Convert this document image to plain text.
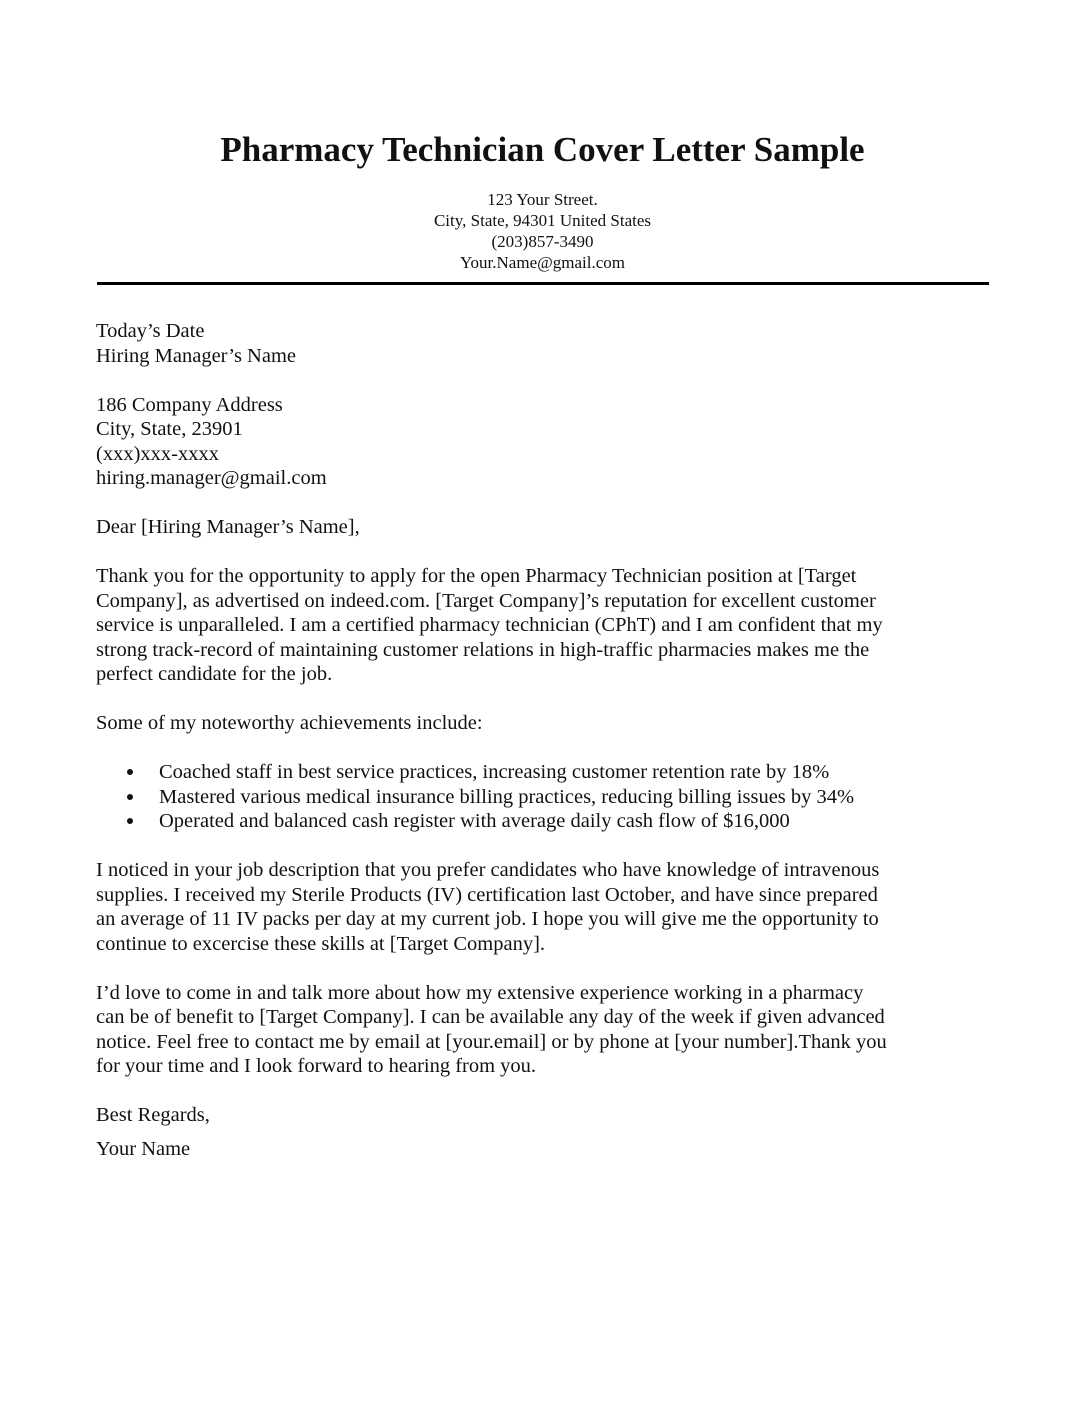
Pharmacy Technician Cover Letter Sample
123 Your Street.
City, State, 94301 United States
(203)857-3490
Your.Name@gmail.com
Today’s Date
Hiring Manager’s Name
186 Company Address
City, State, 23901
(xxx)xxx-xxxx
hiring.manager@gmail.com
Dear [Hiring Manager’s Name],
Thank you for the opportunity to apply for the open Pharmacy Technician position at [Target
Company], as advertised on indeed.com. [Target Company]’s reputation for excellent customer
service is unparalleled. I am a certified pharmacy technician (CPhT) and I am confident that my
strong track-record of maintaining customer relations in high-traffic pharmacies makes me the
perfect candidate for the job.
Some of my noteworthy achievements include:
Coached staff in best service practices, increasing customer retention rate by 18%
Mastered various medical insurance billing practices, reducing billing issues by 34%
Operated and balanced cash register with average daily cash flow of $16,000
I noticed in your job description that you prefer candidates who have knowledge of intravenous
supplies. I received my Sterile Products (IV) certification last October, and have since prepared
an average of 11 IV packs per day at my current job. I hope you will give me the opportunity to
continue to excercise these skills at [Target Company].
I’d love to come in and talk more about how my extensive experience working in a pharmacy
can be of benefit to [Target Company]. I can be available any day of the week if given advanced
notice. Feel free to contact me by email at [your.email] or by phone at [your number].Thank you
for your time and I look forward to hearing from you.
Best Regards,
Your Name
